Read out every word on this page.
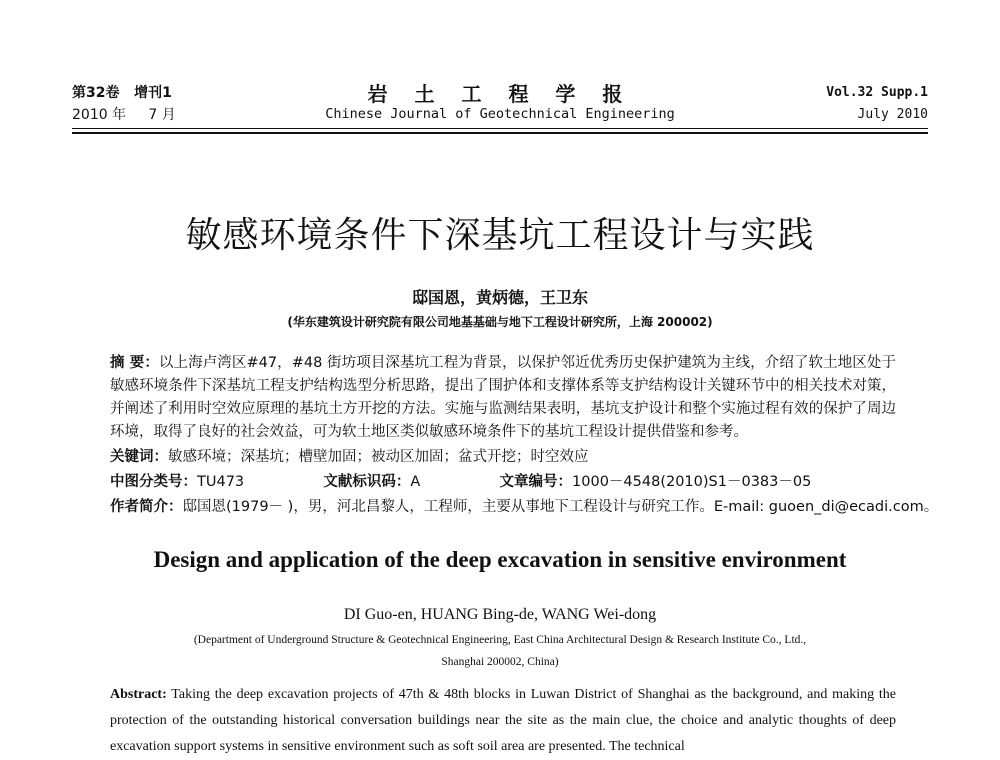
第32卷 增刊1
2010 年 7 月
岩 土 工 程 学 报
Chinese Journal of Geotechnical Engineering
Vol.32 Supp.1
July 2010
敏感环境条件下深基坑工程设计与实践
邸国恩，黄炳德，王卫东
(华东建筑设计研究院有限公司地基基础与地下工程设计研究所，上海 200002)
摘 要：以上海卢湾区#47，#48 街坊项目深基坑工程为背景，以保护邻近优秀历史保护建筑为主线，介绍了软土地区处于敏感环境条件下深基坑工程支护结构选型分析思路，提出了围护体和支撑体系等支护结构设计关键环节中的相关技术对策，并阐述了利用时空效应原理的基坑土方开挖的方法。实施与监测结果表明，基坑支护设计和整个实施过程有效的保护了周边环境，取得了良好的社会效益，可为软土地区类似敏感环境条件下的基坑工程设计提供借鉴和参考。
关键词：敏感环境；深基坑；槽壁加固；被动区加固；盆式开挖；时空效应
中图分类号：TU473	文献标识码：A	文章编号：1000－4548(2010)S1－0383－05
作者简介：邸国恩(1979－ )，男，河北昌黎人，工程师，主要从事地下工程设计与研究工作。E-mail: guoen_di@ecadi.com。
Design and application of the deep excavation in sensitive environment
DI Guo-en, HUANG Bing-de, WANG Wei-dong
(Department of Underground Structure & Geotechnical Engineering, East China Architectural Design & Research Institute Co., Ltd.,
Shanghai 200002, China)
Abstract: Taking the deep excavation projects of 47th & 48th blocks in Luwan District of Shanghai as the background, and making the protection of the outstanding historical conversation buildings near the site as the main clue, the choice and analytic thoughts of deep excavation support systems in sensitive environment such as soft soil area are presented. The technical
